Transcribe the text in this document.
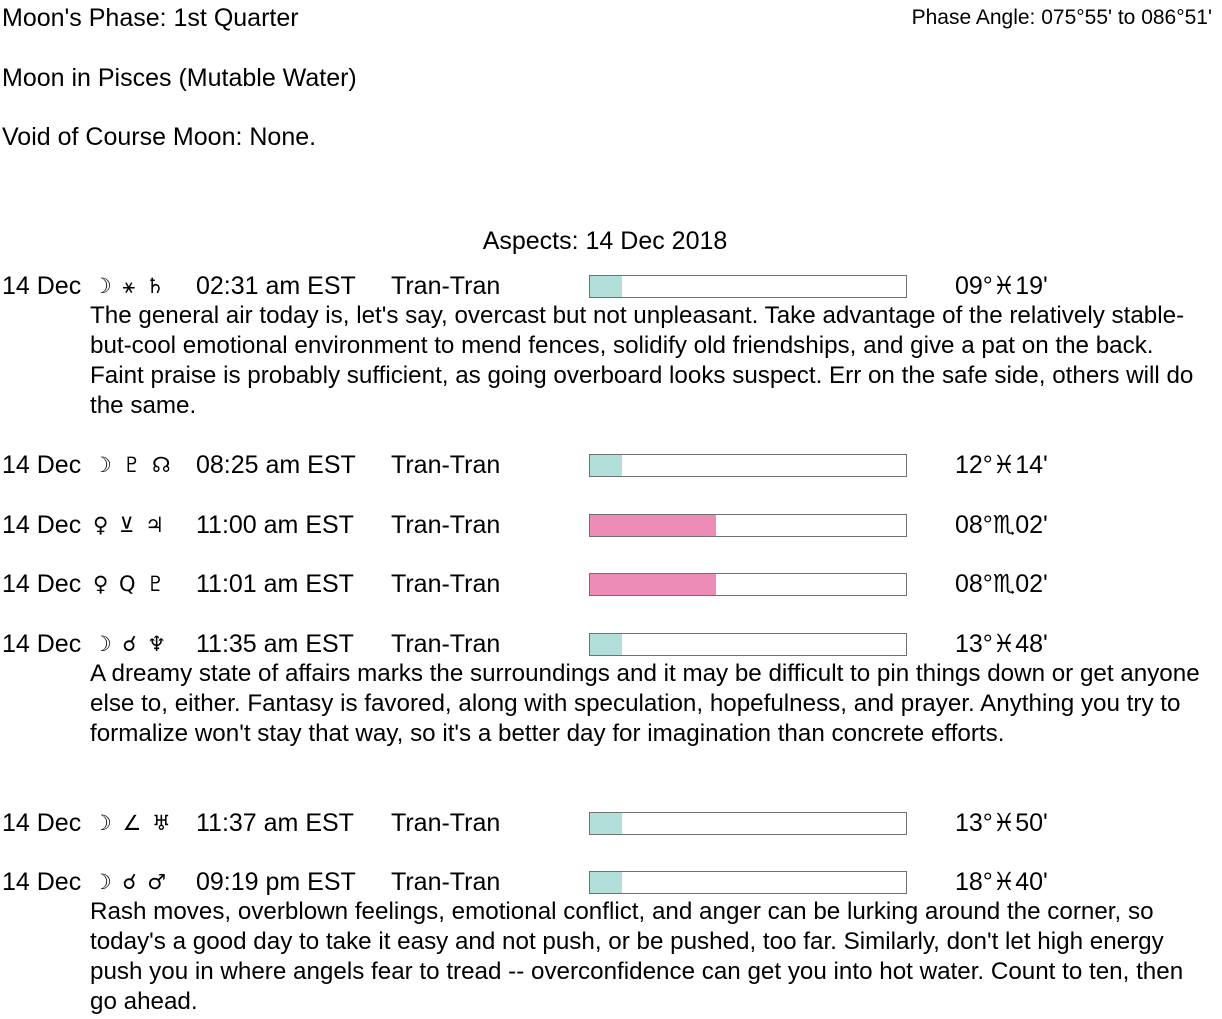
Moon's Phase: 1st Quarter	Phase Angle: 075°55' to 086°51'
Moon in Pisces (Mutable Water)
Void of Course Moon: None.
Aspects: 14 Dec 2018
14 Dec ☽ ⚹ ♄ 02:31 am EST Tran-Tran	09°♓19'
The general air today is, let's say, overcast but not unpleasant. Take advantage of the relatively stable-but-cool emotional environment to mend fences, solidify old friendships, and give a pat on the back. Faint praise is probably sufficient, as going overboard looks suspect. Err on the safe side, others will do the same.
14 Dec ☽ ♇ ☊ 08:25 am EST Tran-Tran	12°♓14'
14 Dec ♀ ⊻ ♃ 11:00 am EST Tran-Tran	08°♏02'
14 Dec ♀ Q ♇ 11:01 am EST Tran-Tran	08°♏02'
14 Dec ☽ ☌ ♆ 11:35 am EST Tran-Tran	13°♓48'
A dreamy state of affairs marks the surroundings and it may be difficult to pin things down or get anyone else to, either. Fantasy is favored, along with speculation, hopefulness, and prayer. Anything you try to formalize won't stay that way, so it's a better day for imagination than concrete efforts.
14 Dec ☽ ∠ ♅ 11:37 am EST Tran-Tran	13°♓50'
14 Dec ☽ ☌ ♂ 09:19 pm EST Tran-Tran	18°♓40'
Rash moves, overblown feelings, emotional conflict, and anger can be lurking around the corner, so today's a good day to take it easy and not push, or be pushed, too far. Similarly, don't let high energy push you in where angels fear to tread -- overconfidence can get you into hot water. Count to ten, then go ahead.
